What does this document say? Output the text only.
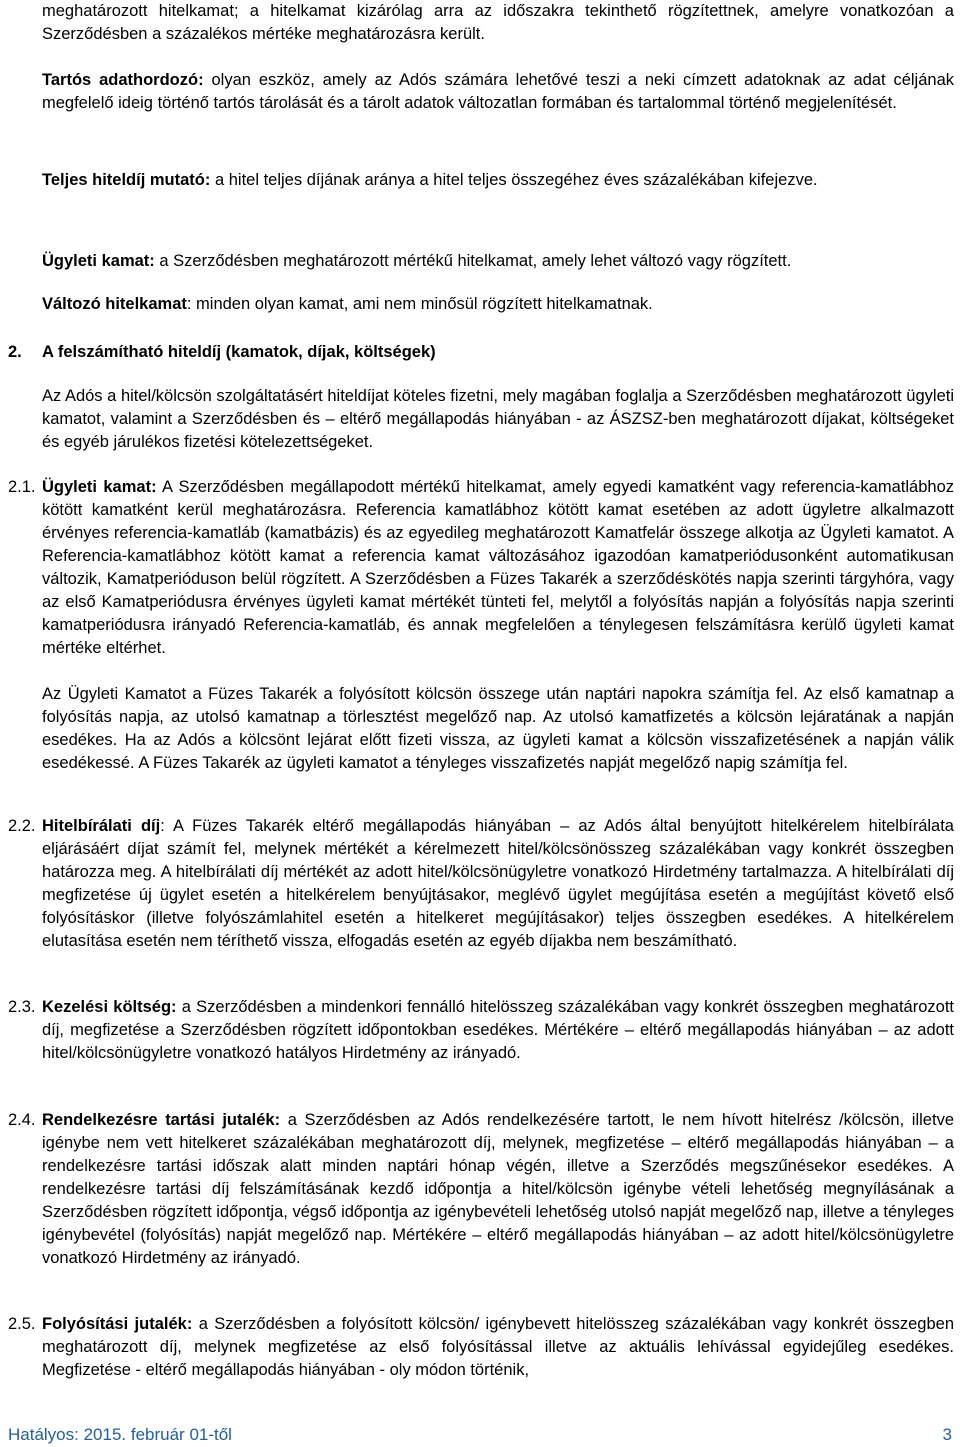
meghatározott hitelkamat; a hitelkamat kizárólag arra az időszakra tekinthető rögzítettnek, amelyre vonatkozóan a Szerződésben a százalékos mértéke meghatározásra került.

Tartós adathordozó: olyan eszköz, amely az Adós számára lehetővé teszi a neki címzett adatoknak az adat céljának megfelelő ideig történő tartós tárolását és a tárolt adatok változatlan formában és tartalommal történő megjelenítését.

Teljes hiteldíj mutató: a hitel teljes díjának aránya a hitel teljes összegéhez éves százalékában kifejezve.

Ügyleti kamat: a Szerződésben meghatározott mértékű hitelkamat, amely lehet változó vagy rögzített.

Változó hitelkamat: minden olyan kamat, ami nem minősül rögzített hitelkamatnak.

2. A felszámítható hiteldíj (kamatok, díjak, költségek)

Az Adós a hitel/kölcsön szolgáltatásért hiteldíjat köteles fizetni, mely magában foglalja a Szerződésben meghatározott ügyleti kamatot, valamint a Szerződésben és – eltérő megállapodás hiányában - az ÁSZSZ-ben meghatározott díjakat, költségeket és egyéb járulékos fizetési kötelezettségeket.

2.1. Ügyleti kamat: A Szerződésben megállapodott mértékű hitelkamat, amely egyedi kamatként vagy referencia-kamatlábhoz kötött kamatként kerül meghatározásra. Referencia kamatlábhoz kötött kamat esetében az adott ügyletre alkalmazott érvényes referencia-kamatláb (kamatbázis) és az egyedileg meghatározott Kamatfelár összege alkotja az Ügyleti kamatot. A Referencia-kamatlábhoz kötött kamat a referencia kamat változásához igazodóan kamatperiódusonként automatikusan változik, Kamatperióduson belül rögzített. A Szerződésben a Füzes Takarék a szerződéskötés napja szerinti tárgyhóra, vagy az első Kamatperiódusra érvényes ügyleti kamat mértékét tünteti fel, melytől a folyósítás napján a folyósítás napja szerinti kamatperiódusra irányadó Referencia-kamatláb, és annak megfelelően a ténylegesen felszámításra kerülő ügyleti kamat mértéke eltérhet.

Az Ügyleti Kamatot a Füzes Takarék a folyósított kölcsön összege után naptári napokra számítja fel. Az első kamatnap a folyósítás napja, az utolsó kamatnap a törlesztést megelőző nap. Az utolsó kamatfizetés a kölcsön lejáratának a napján esedékes. Ha az Adós a kölcsönt lejárat előtt fizeti vissza, az ügyleti kamat a kölcsön visszafizetésének a napján válik esedékessé. A Füzes Takarék az ügyleti kamatot a tényleges visszafizetés napját megelőző napig számítja fel.

2.2. Hitelbírálati díj: A Füzes Takarék eltérő megállapodás hiányában – az Adós által benyújtott hitelkérelem hitelbírálata eljárásáért díjat számít fel, melynek mértékét a kérelmezett hitel/kölcsönösszeg százalékában vagy konkrét összegben határozza meg. A hitelbírálati díj mértékét az adott hitel/kölcsönügyletre vonatkozó Hirdetmény tartalmazza. A hitelbírálati díj megfizetése új ügylet esetén a hitelkérelem benyújtásakor, meglévő ügylet megújítása esetén a megújítást követő első folyósításkor (illetve folyószámlahitel esetén a hitelkeret megújításakor) teljes összegben esedékes. A hitelkérelem elutasítása esetén nem téríthető vissza, elfogadás esetén az egyéb díjakba nem beszámítható.

2.3. Kezelési költség: a Szerződésben a mindenkori fennálló hitelösszeg százalékában vagy konkrét összegben meghatározott díj, megfizetése a Szerződésben rögzített időpontokban esedékes. Mértékére – eltérő megállapodás hiányában – az adott hitel/kölcsönügyletre vonatkozó hatályos Hirdetmény az irányadó.

2.4. Rendelkezésre tartási jutalék: a Szerződésben az Adós rendelkezésére tartott, le nem hívott hitelrész /kölcsön, illetve igénybe nem vett hitelkeret százalékában meghatározott díj, melynek, megfizetése – eltérő megállapodás hiányában – a rendelkezésre tartási időszak alatt minden naptári hónap végén, illetve a Szerződés megszűnésekor esedékes. A rendelkezésre tartási díj felszámításának kezdő időpontja a hitel/kölcsön igénybe vételi lehetőség megnyílásának a Szerződésben rögzített időpontja, végső időpontja az igénybevételi lehetőség utolsó napját megelőző nap, illetve a tényleges igénybevétel (folyósítás) napját megelőző nap. Mértékére – eltérő megállapodás hiányában – az adott hitel/kölcsönügyletre vonatkozó Hirdetmény az irányadó.

2.5. Folyósítási jutalék: a Szerződésben a folyósított kölcsön/ igénybevett hitelösszeg százalékában vagy konkrét összegben meghatározott díj, melynek megfizetése az első folyósítással illetve az aktuális lehívással egyidejűleg esedékes. Megfizetése - eltérő megállapodás hiányában - oly módon történik,

Hatályos: 2015. február 01-től	3
